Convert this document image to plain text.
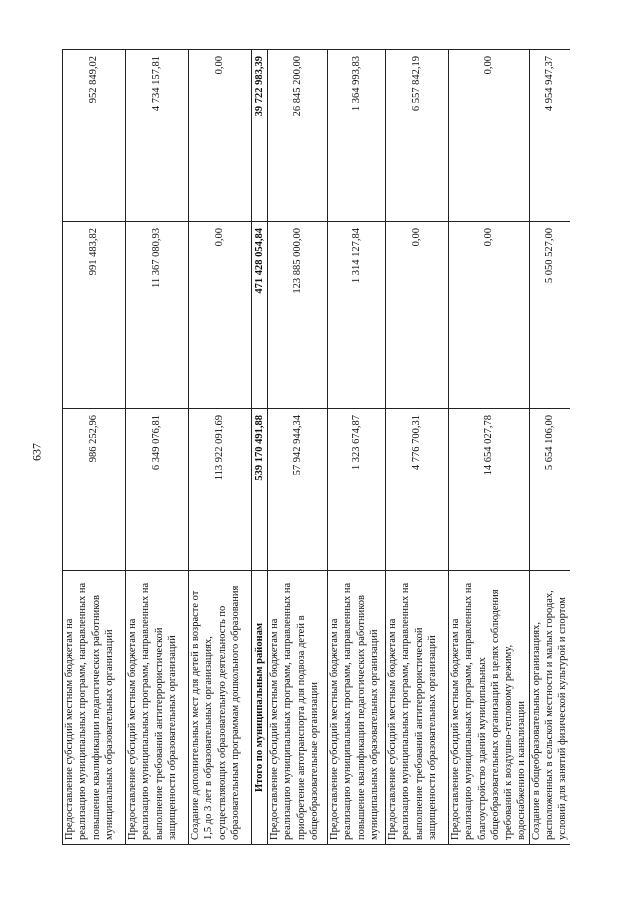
637
Предоставление субсидий местным бюджетам на реализацию муниципальных программ, направленных на повышение квалификации педагогических работников муниципальных образовательных организаций	986 252,96	991 483,82	952 849,02
Предоставление субсидий местным бюджетам на реализацию муниципальных программ, направленных на выполнение требований антитеррористической защищенности образовательных организаций	6 349 076,81	11 367 080,93	4 734 157,81
Создание дополнительных мест для детей в возрасте от 1,5 до 3 лет в образовательных организациях, осуществляющих образовательную деятельность по образовательным программам дошкольного образования	113 922 091,69	0,00	0,00
Итого по муниципальным районам	539 170 491,88	471 428 054,84	39 722 983,39
Предоставление субсидий местным бюджетам на реализацию муниципальных программ, направленных на приобретение автотранспорта для подвоза детей в общеобразовательные организации	57 942 944,34	123 885 000,00	26 845 200,00
Предоставление субсидий местным бюджетам на реализацию муниципальных программ, направленных на повышение квалификации педагогических работников муниципальных образовательных организаций	1 323 674,87	1 314 127,84	1 364 993,83
Предоставление субсидий местным бюджетам на реализацию муниципальных программ, направленных на выполнение требований антитеррористической защищенности образовательных организаций	4 776 700,31	0,00	6 557 842,19
Предоставление субсидий местным бюджетам на реализацию муниципальных программ, направленных на благоустройство зданий муниципальных общеобразовательных организаций в целях соблюдения требований к воздушно-тепловому режиму, водоснабжению и канализации	14 654 027,78	0,00	0,00
Создание в общеобразовательных организациях, расположенных в сельской местности и малых городах, условий для занятий физической культурой и спортом	5 654 106,00	5 050 527,00	4 954 947,37
